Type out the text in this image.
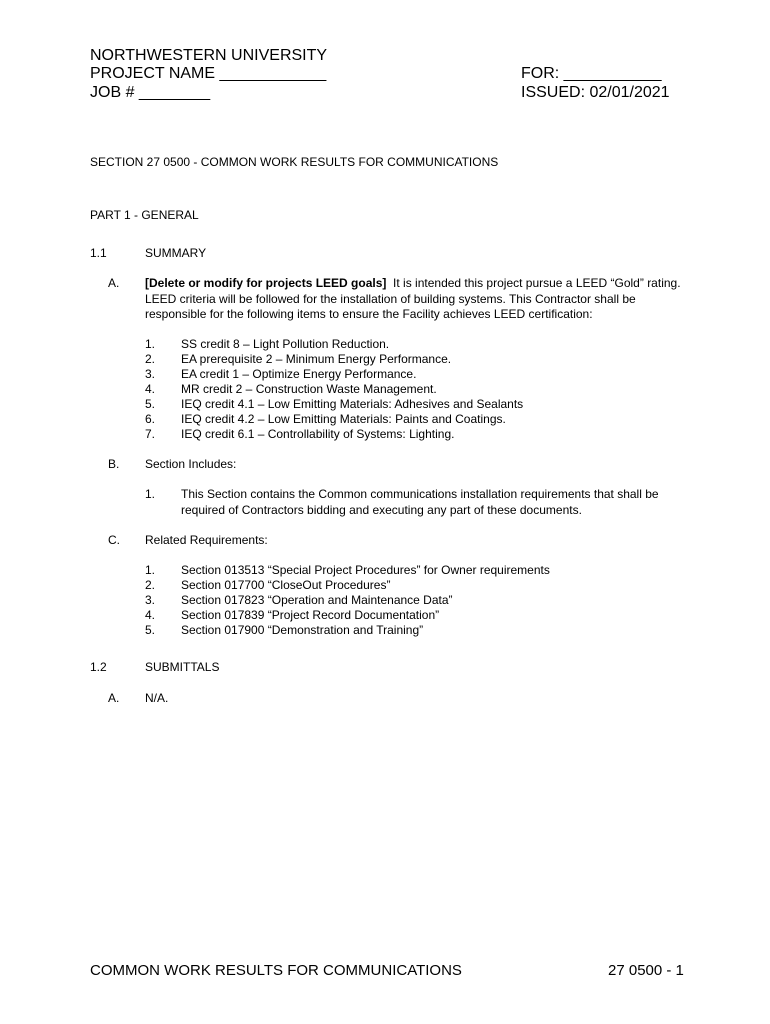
NORTHWESTERN UNIVERSITY
PROJECT NAME ____________
JOB # ________
FOR: ___________
ISSUED: 02/01/2021
SECTION 27 0500 - COMMON WORK RESULTS FOR COMMUNICATIONS
PART 1 - GENERAL
1.1	SUMMARY
A. [Delete or modify for projects LEED goals] It is intended this project pursue a LEED “Gold” rating. LEED criteria will be followed for the installation of building systems. This Contractor shall be responsible for the following items to ensure the Facility achieves LEED certification:
1. SS credit 8 – Light Pollution Reduction.
2. EA prerequisite 2 – Minimum Energy Performance.
3. EA credit 1 – Optimize Energy Performance.
4. MR credit 2 – Construction Waste Management.
5. IEQ credit 4.1 – Low Emitting Materials: Adhesives and Sealants
6. IEQ credit 4.2 – Low Emitting Materials: Paints and Coatings.
7. IEQ credit 6.1 – Controllability of Systems: Lighting.
B. Section Includes:
1. This Section contains the Common communications installation requirements that shall be required of Contractors bidding and executing any part of these documents.
C. Related Requirements:
1. Section 013513 “Special Project Procedures” for Owner requirements
2. Section 017700 “CloseOut Procedures”
3. Section 017823 “Operation and Maintenance Data”
4. Section 017839 “Project Record Documentation”
5. Section 017900 “Demonstration and Training”
1.2	SUBMITTALS
A. N/A.
COMMON WORK RESULTS FOR COMMUNICATIONS	27 0500 - 1
